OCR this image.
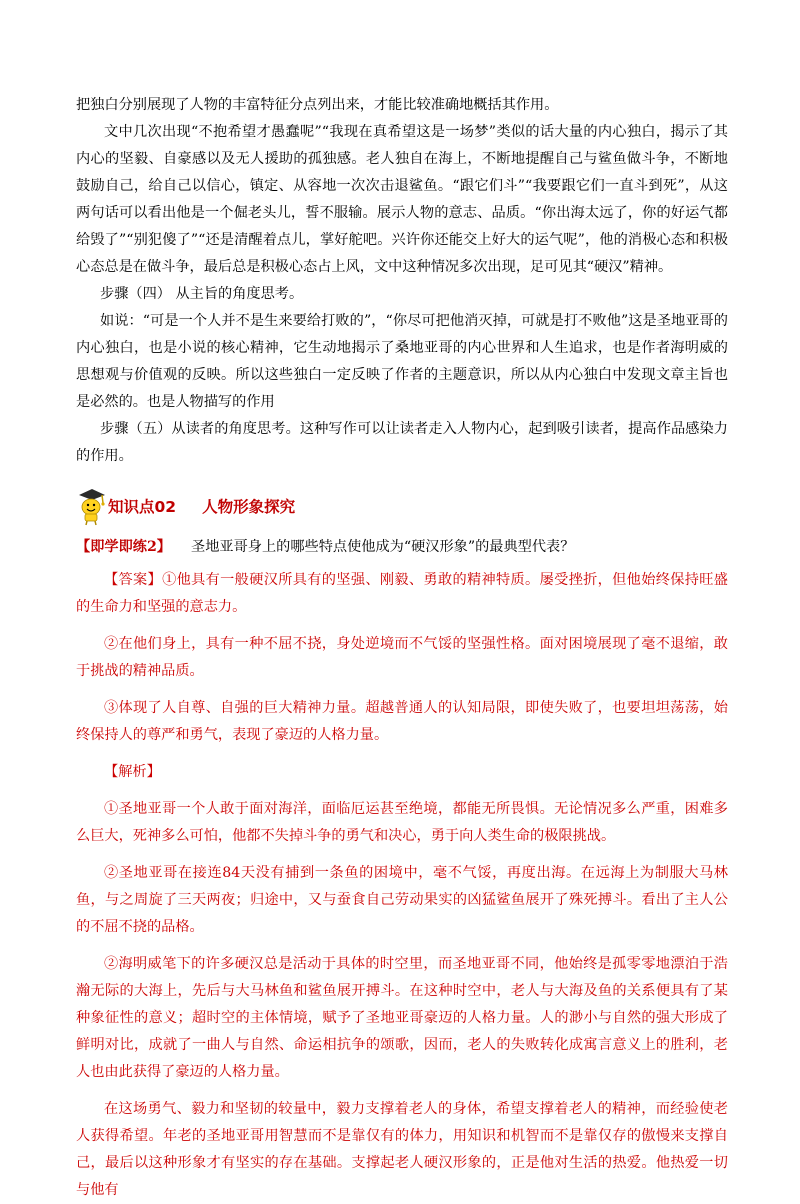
把独白分别展现了人物的丰富特征分点列出来，才能比较准确地概括其作用。

文中几次出现“不抱希望才愚蠢呢”“我现在真希望这是一场梦”类似的话大量的内心独白，揭示了其内心的坚毅、自豪感以及无人援助的孤独感。老人独自在海上，不断地提醒自己与鲨鱼做斗争，不断地鼓励自己，给自己以信心，镇定、从容地一次次击退鲨鱼。“跟它们斗”“我要跟它们一直斗到死”，从这两句话可以看出他是一个倔老头儿，誓不服输。展示人物的意志、品质。“你出海太远了，你的好运气都给毁了”“别犯傻了”“还是清醒着点儿，掌好舵吧。兴许你还能交上好大的运气呢”，他的消极心态和积极心态总是在做斗争，最后总是积极心态占上风，文中这种情况多次出现，足可见其“硬汉”精神。

步骤（四） 从主旨的角度思考。

如说：“可是一个人并不是生来要给打败的”，“你尽可把他消灭掉，可就是打不败他”这是圣地亚哥的内心独白，也是小说的核心精神，它生动地揭示了桑地亚哥的内心世界和人生追求，也是作者海明威的思想观与价值观的反映。所以这些独白一定反映了作者的主题意识，所以从内心独白中发现文章主旨也是必然的。也是人物描写的作用

步骤（五）从读者的角度思考。这种写作可以让读者走入人物内心，起到吸引读者，提高作品感染力的作用。

知识点02 人物形象探究
【即学即练2】 圣地亚哥身上的哪些特点使他成为“硬汉形象”的最典型代表？

【答案】①他具有一般硬汉所具有的坚强、刚毅、勇敢的精神特质。屡受挫折，但他始终保持旺盛的生命力和坚强的意志力。

②在他们身上，具有一种不屈不挠，身处逆境而不气馁的坚强性格。面对困境展现了毫不退缩，敢于挑战的精神品质。

③体现了人自尊、自强的巨大精神力量。超越普通人的认知局限，即使失败了，也要坦坦荡荡，始终保持人的尊严和勇气，表现了豪迈的人格力量。

【解析】

①圣地亚哥一个人敢于面对海洋，面临厄运甚至绝境，都能无所畏惧。无论情况多么严重，困难多么巨大，死神多么可怕，他都不失掉斗争的勇气和决心，勇于向人类生命的极限挑战。

②圣地亚哥在接连84天没有捕到一条鱼的困境中，毫不气馁，再度出海。在远海上为制服大马林鱼，与之周旋了三天两夜；归途中，又与蚕食自己劳动果实的凶猛鲨鱼展开了殊死搏斗。看出了主人公的不屈不挠的品格。

②海明威笔下的许多硬汉总是活动于具体的时空里，而圣地亚哥不同，他始终是孤零零地漂泊于浩瀚无际的大海上，先后与大马林鱼和鲨鱼展开搏斗。在这种时空中，老人与大海及鱼的关系便具有了某种象征性的意义；超时空的主体情境，赋予了圣地亚哥豪迈的人格力量。人的渺小与自然的强大形成了鲜明对比，成就了一曲人与自然、命运相抗争的颂歌，因而，老人的失败转化成寓言意义上的胜利，老人也由此获得了豪迈的人格力量。

在这场勇气、毅力和坚韧的较量中，毅力支撑着老人的身体，希望支撑着老人的精神，而经验使老人获得希望。年老的圣地亚哥用智慧而不是靠仅有的体力，用知识和机智而不是靠仅存的傲慢来支撑自己，最后以这种形象才有坚实的存在基础。支撑起老人硬汉形象的，正是他对生活的热爱。他热爱一切与他有
